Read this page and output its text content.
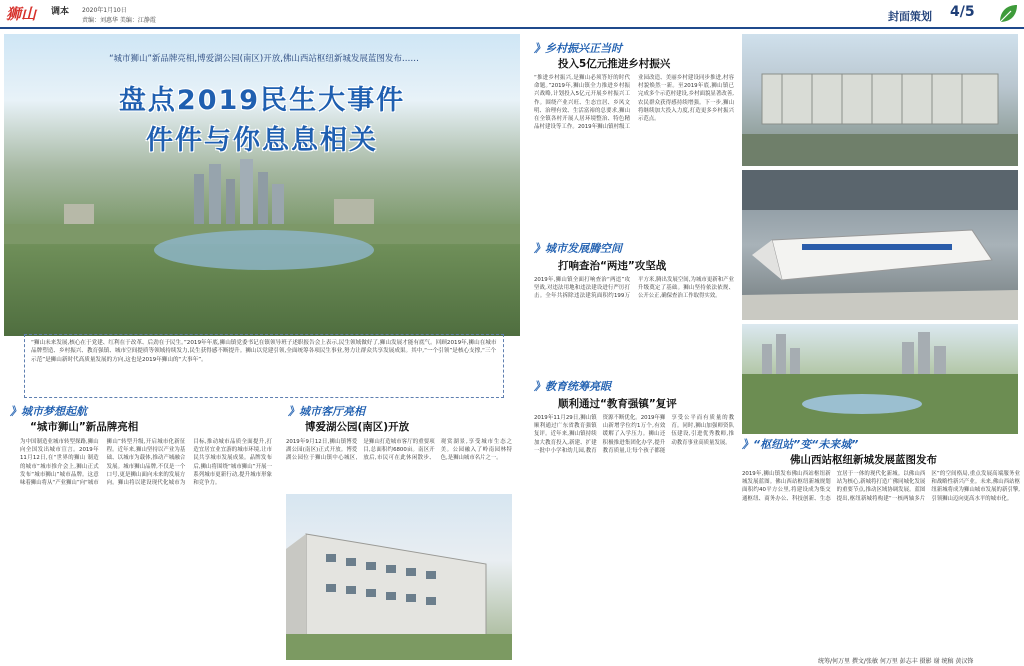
狮山	调本 2020年1月10日
责编：刘惠华 美编：江静霞	封面策划 4/5
“城市狮山”新品牌亮相,博爱湖公园(南区)开放,佛山西站枢纽新城发展蓝图发布……
盘点2019民生大事件
件件与你息息相关
“狮山未来发展,核心在于党建、红利在于改革、后劲在于民生。”2019年年底,狮山镇党委书记在镇领导班子述职报告会上表示,民生领域做好了,狮山发展才能有底气。回顾2019年,狮山在城市品牌塑造、乡村振兴、教育强镇、城市空间提质等领域持续发力,民生获得感不断提升。狮山以党建引领,全面统筹各项民生事业,努力让群众共享发展成果。其中,“一个引领”是核心支撑,“三个示范”是狮山新时代高质量发展的方向,这也是2019年狮山的“大事年”。
》城市梦想起航
“城市狮山”新品牌亮相
为中国制造业城市转型探路,狮山向全国发出城市宣言。2019年11月12日,在“世界的狮山 制造的城市”城市推介会上,狮山正式发布“城市狮山”城市品牌。这意味着狮山将从“产业狮山”向“城市狮山”转型升级,开启城市化新征程。近年来,狮山坚持以产业为基础、以城市为载体,推动产城融合发展。城市狮山品牌,不仅是一个口号,更是狮山面向未来的发展方向。狮山将以建设现代化城市为目标,推动城市品质全面提升,打造宜居宜业宜游的城市环境,让市民共享城市发展成果。品牌发布后,狮山将围绕“城市狮山”开展一系列城市更新行动,提升城市形象和竞争力。
》城市客厅亮相
博爱湖公园(南区)开放
2019年9月12日,狮山镇博爱湖公园(南区)正式开放。博爱湖公园位于狮山镇中心城区,是狮山打造城市客厅的重要项目,总面积约6800亩。南区开放后,市民可在此休闲散步、观赏湖景,享受城市生态之美。公园融入了岭南园林特色,是狮山城市名片之一。
》乡村振兴正当时
投入5亿元推进乡村振兴
“推进乡村振兴,是狮山必须答好的时代命题。”2019年,狮山镇全力推进乡村振兴战略,计划投入5亿元开展乡村振兴工作。围绕产业兴旺、生态宜居、乡风文明、治理有效、生活富裕的总要求,狮山在全镇各村开展人居环境整治、特色精品村建设等工作。2019年狮山镇村级工业园改造、美丽乡村建设同步推进,村容村貌焕然一新。至2019年底,狮山镇已完成多个示范村建设,乡村面貌显著改善,农民群众获得感持续增强。下一步,狮山将继续加大投入力度,打造更多乡村振兴示范点。
》城市发展腾空间
打响查治“两违”攻坚战
2019年,狮山镇全面打响查治“两违”攻坚战,对违法用地和违法建设进行严厉打击。全年共拆除违法建筑面积约199万平方米,腾出发展空间,为城市更新和产业升级奠定了基础。狮山坚持依法依规、公开公正,确保查治工作取得实效。
》教育统筹亮眼
顺利通过“教育强镇”复评
2019年11月29日,狮山镇顺利通过广东省教育强镇复评。近年来,狮山镇持续加大教育投入,新建、扩建一批中小学和幼儿园,教育资源不断优化。2019年狮山新增学位约1万个,有效缓解了入学压力。狮山还积极推进集团化办学,提升教育质量,让每个孩子都能享受公平而有质量的教育。同时,狮山加强师资队伍建设,引进优秀教师,推动教育事业高质量发展。	》“枢纽站”变“未来城”
佛山西站枢纽新城发展蓝图发布
2019年,狮山镇发布佛山西站枢纽新城发展蓝图。佛山西站枢纽新城规划面积约40平方公里,将建设成为集交通枢纽、商务办公、科技创新、生态宜居于一体的现代化新城。以佛山西站为核心,新城将打造广佛同城化发展的重要节点,推动区域协调发展。蓝图提出,枢纽新城将构建“一核两轴多片区”的空间格局,重点发展高端服务业和战略性新兴产业。未来,佛山西站枢纽新城将成为狮山城市发展的新引擎,引领狮山迈向更高水平的城市化。
统筹/何万里 撰文/张敏 何万里 彭志丰 摄影 谢 统稿 黄汉锋
